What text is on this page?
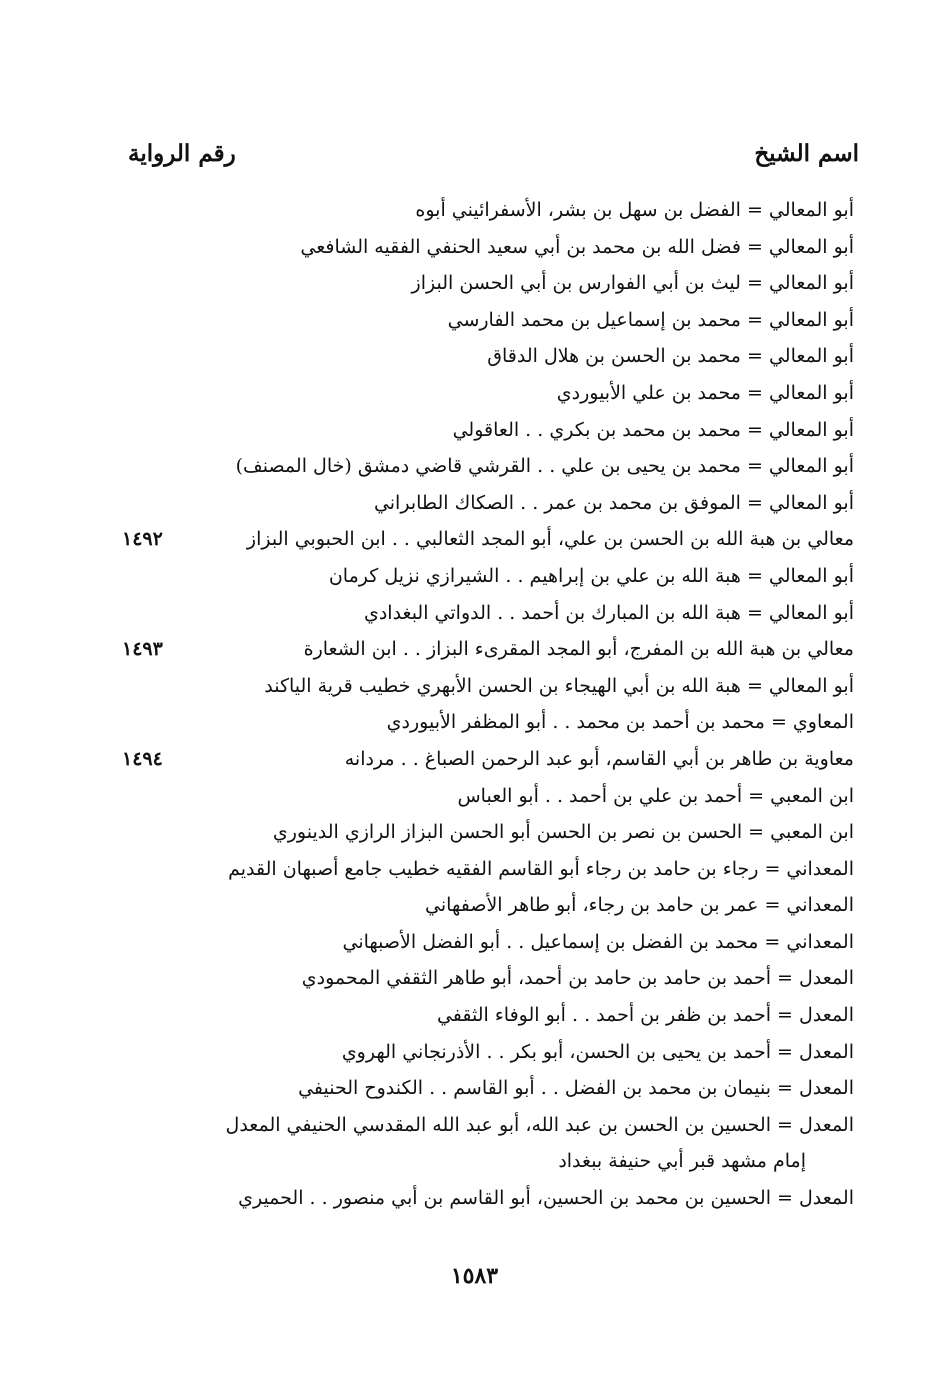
اسم الشيخ
رقم الرواية
أبو المعالي = الفضل بن سهل بن بشر، الأسفرائيني أبوه
أبو المعالي = فضل الله بن محمد بن أبي سعيد الحنفي الفقيه الشافعي
أبو المعالي = ليث بن أبي الفوارس بن أبي الحسن البزاز
أبو المعالي = محمد بن إسماعيل بن محمد الفارسي
أبو المعالي = محمد بن الحسن بن هلال الدقاق
أبو المعالي = محمد بن علي الأبيوردي
أبو المعالي = محمد بن محمد بن بكري . . العاقولي
أبو المعالي = محمد بن يحيى بن علي . . القرشي قاضي دمشق (خال المصنف)
أبو المعالي = الموفق بن محمد بن عمر . . الصكاك الطابراني
معالي بن هبة الله بن الحسن بن علي، أبو المجد الثعالبي . . ابن الحبوبي البزاز
١٤٩٢
أبو المعالي = هبة الله بن علي بن إبراهيم . . الشيرازي نزيل كرمان
أبو المعالي = هبة الله بن المبارك بن أحمد . . الدواتي البغدادي
معالي بن هبة الله بن المفرج، أبو المجد المقرىء البزاز . . ابن الشعارة
١٤٩٣
أبو المعالي = هبة الله بن أبي الهيجاء بن الحسن الأبهري خطيب قرية الياكند
المعاوي = محمد بن أحمد بن محمد . . أبو المظفر الأبيوردي
معاوية بن طاهر بن أبي القاسم، أبو عبد الرحمن الصباغ . . مردانه
١٤٩٤
ابن المعبي = أحمد بن علي بن أحمد . . أبو العباس
ابن المعبي = الحسن بن نصر بن الحسن أبو الحسن البزاز الرازي الدينوري
المعداني = رجاء بن حامد بن رجاء أبو القاسم الفقيه خطيب جامع أصبهان القديم
المعداني = عمر بن حامد بن رجاء، أبو طاهر الأصفهاني
المعداني = محمد بن الفضل بن إسماعيل . . أبو الفضل الأصبهاني
المعدل = أحمد بن حامد بن حامد بن أحمد، أبو طاهر الثقفي المحمودي
المعدل = أحمد بن ظفر بن أحمد . . أبو الوفاء الثقفي
المعدل = أحمد بن يحيى بن الحسن، أبو بكر . . الأذرنجاني الهروي
المعدل = بنيمان بن محمد بن الفضل . . أبو القاسم . . الكندوح الحنيفي
المعدل = الحسين بن الحسن بن عبد الله، أبو عبد الله المقدسي الحنيفي المعدل
إمام مشهد قبر أبي حنيفة ببغداد
المعدل = الحسين بن محمد بن الحسين، أبو القاسم بن أبي منصور . . الحميري
١٥٨٣
